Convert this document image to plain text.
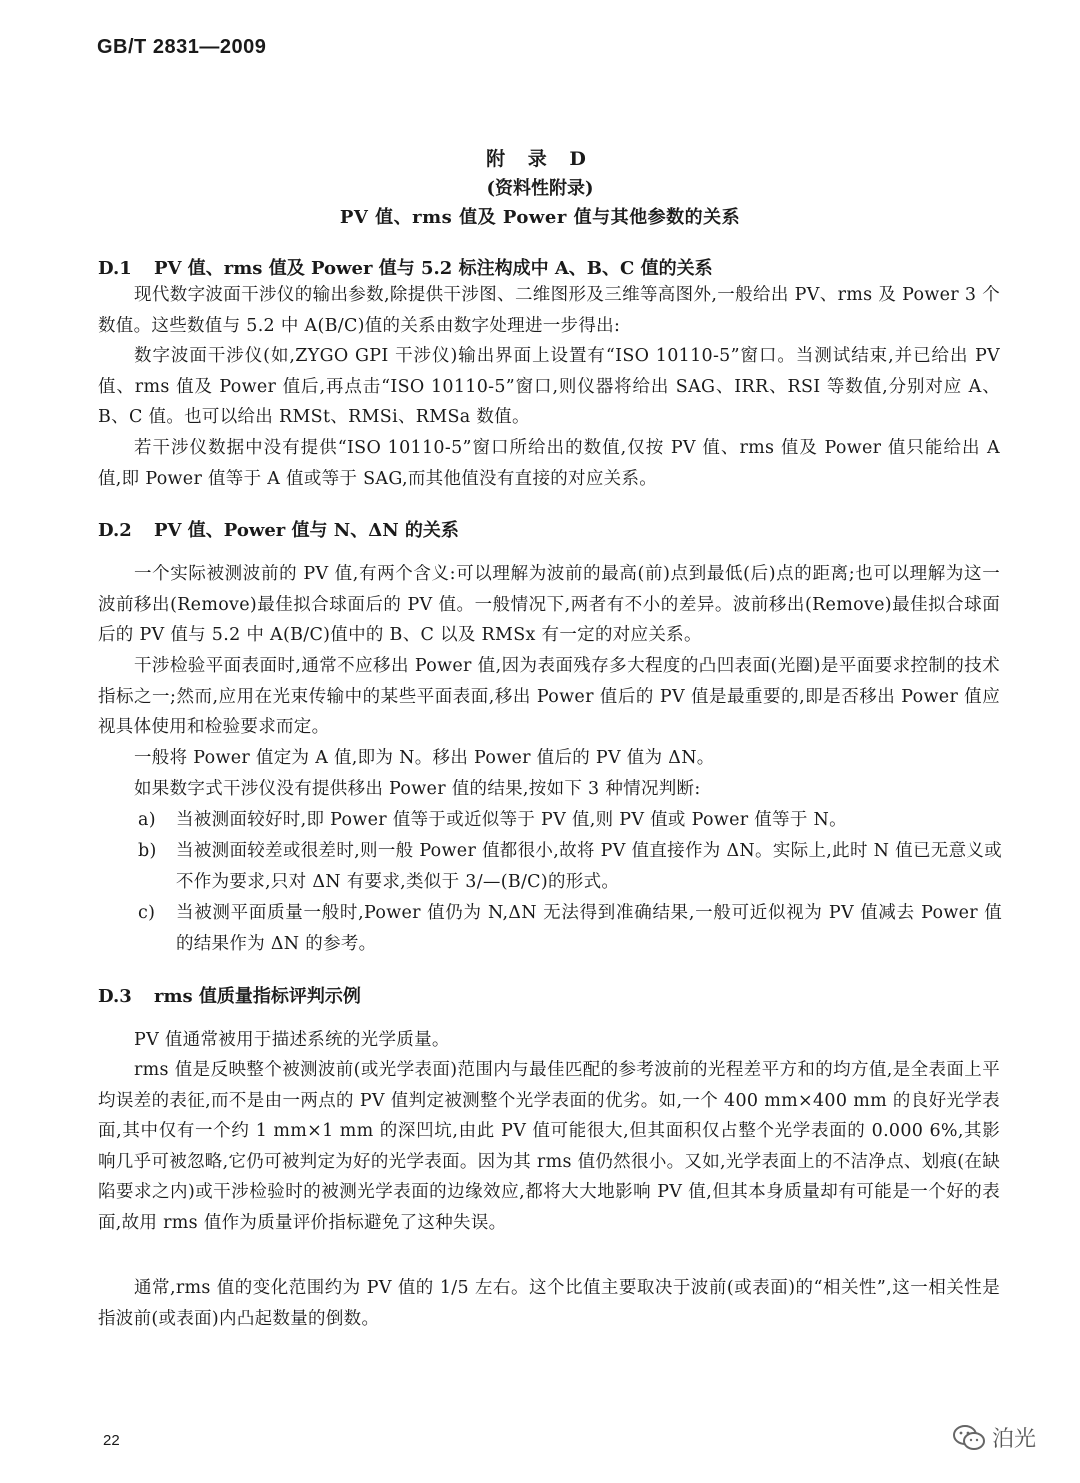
GB/T 2831—2009
附 录 D
(资料性附录)
PV 值、rms 值及 Power 值与其他参数的关系
D.1 PV 值、rms 值及 Power 值与 5.2 标注构成中 A、B、C 值的关系

现代数字波面干涉仪的输出参数,除提供干涉图、二维图形及三维等高图外,一般给出 PV、rms 及 Power 3 个数值。这些数值与 5.2 中 A(B/C)值的关系由数字处理进一步得出:

数字波面干涉仪(如,ZYGO GPI 干涉仪)输出界面上设置有“ISO 10110-5”窗口。当测试结束,并已给出 PV 值、rms 值及 Power 值后,再点击“ISO 10110-5”窗口,则仪器将给出 SAG、IRR、RSI 等数值,分别对应 A、B、C 值。也可以给出 RMSt、RMSi、RMSa 数值。

若干涉仪数据中没有提供“ISO 10110-5”窗口所给出的数值,仅按 PV 值、rms 值及 Power 值只能给出 A 值,即 Power 值等于 A 值或等于 SAG,而其他值没有直接的对应关系。

D.2 PV 值、Power 值与 N、ΔN 的关系

一个实际被测波前的 PV 值,有两个含义:可以理解为波前的最高(前)点到最低(后)点的距离;也可以理解为这一波前移出(Remove)最佳拟合球面后的 PV 值。一般情况下,两者有不小的差异。波前移出(Remove)最佳拟合球面后的 PV 值与 5.2 中 A(B/C)值中的 B、C 以及 RMSx 有一定的对应关系。

干涉检验平面表面时,通常不应移出 Power 值,因为表面残存多大程度的凸凹表面(光圈)是平面要求控制的技术指标之一;然而,应用在光束传输中的某些平面表面,移出 Power 值后的 PV 值是最重要的,即是否移出 Power 值应视具体使用和检验要求而定。

一般将 Power 值定为 A 值,即为 N。移出 Power 值后的 PV 值为 ΔN。

如果数字式干涉仪没有提供移出 Power 值的结果,按如下 3 种情况判断:

a)	当被测面较好时,即 Power 值等于或近似等于 PV 值,则 PV 值或 Power 值等于 N。
b)	当被测面较差或很差时,则一般 Power 值都很小,故将 PV 值直接作为 ΔN。实际上,此时 N 值已无意义或不作为要求,只对 ΔN 有要求,类似于 3/—(B/C)的形式。
c)	当被测平面质量一般时,Power 值仍为 N,ΔN 无法得到准确结果,一般可近似视为 PV 值减去 Power 值的结果作为 ΔN 的参考。
D.3 rms 值质量指标评判示例

PV 值通常被用于描述系统的光学质量。

rms 值是反映整个被测波前(或光学表面)范围内与最佳匹配的参考波前的光程差平方和的均方值,是全表面上平均误差的表征,而不是由一两点的 PV 值判定被测整个光学表面的优劣。如,一个 400 mm×400 mm 的良好光学表面,其中仅有一个约 1 mm×1 mm 的深凹坑,由此 PV 值可能很大,但其面积仅占整个光学表面的 0.000 6%,其影响几乎可被忽略,它仍可被判定为好的光学表面。因为其 rms 值仍然很小。又如,光学表面上的不洁净点、划痕(在缺陷要求之内)或干涉检验时的被测光学表面的边缘效应,都将大大地影响 PV 值,但其本身质量却有可能是一个好的表面,故用 rms 值作为质量评价指标避免了这种失误。

通常,rms 值的变化范围约为 PV 值的 1/5 左右。这个比值主要取决于波前(或表面)的“相关性”,这一相关性是指波前(或表面)内凸起数量的倒数。

22	泊光
